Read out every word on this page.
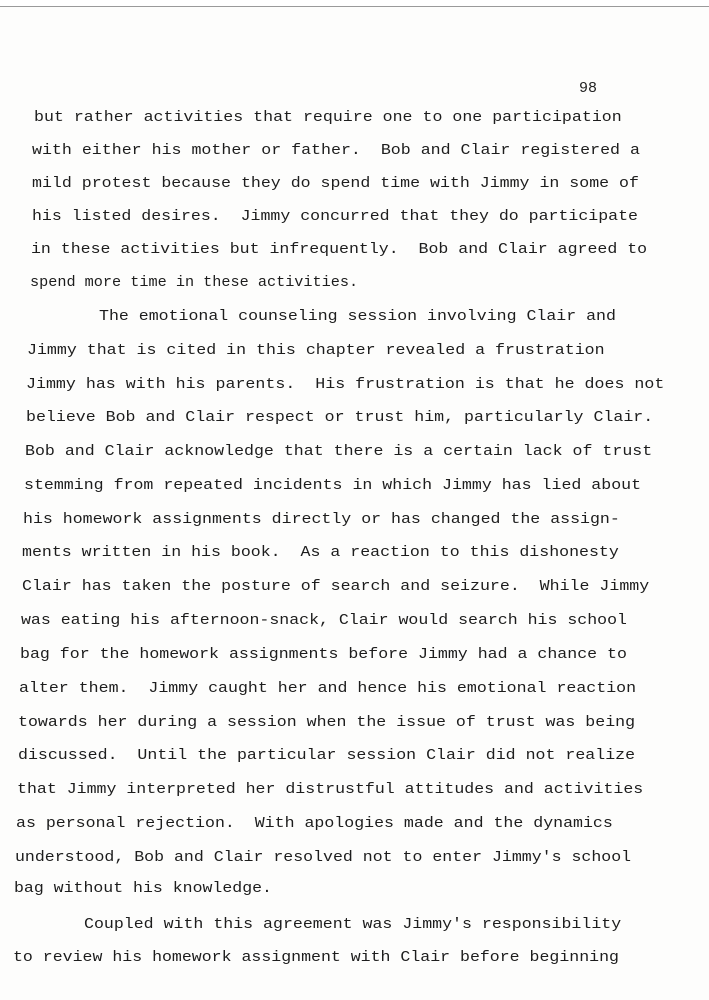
98
but rather activities that require one to one participation
with either his mother or father.  Bob and Clair registered a
mild protest because they do spend time with Jimmy in some of
his listed desires.  Jimmy concurred that they do participate
in these activities but infrequently.  Bob and Clair agreed to
spend more time in these activities.
The emotional counseling session involving Clair and
Jimmy that is cited in this chapter revealed a frustration
Jimmy has with his parents.  His frustration is that he does not
believe Bob and Clair respect or trust him, particularly Clair.
Bob and Clair acknowledge that there is a certain lack of trust
stemming from repeated incidents in which Jimmy has lied about
his homework assignments directly or has changed the assign-
ments written in his book.  As a reaction to this dishonesty
Clair has taken the posture of search and seizure.  While Jimmy
was eating his afternoon-snack, Clair would search his school
bag for the homework assignments before Jimmy had a chance to
alter them.  Jimmy caught her and hence his emotional reaction
towards her during a session when the issue of trust was being
discussed.  Until the particular session Clair did not realize
that Jimmy interpreted her distrustful attitudes and activities
as personal rejection.  With apologies made and the dynamics
understood, Bob and Clair resolved not to enter Jimmy's school
bag without his knowledge.
Coupled with this agreement was Jimmy's responsibility
to review his homework assignment with Clair before beginning
